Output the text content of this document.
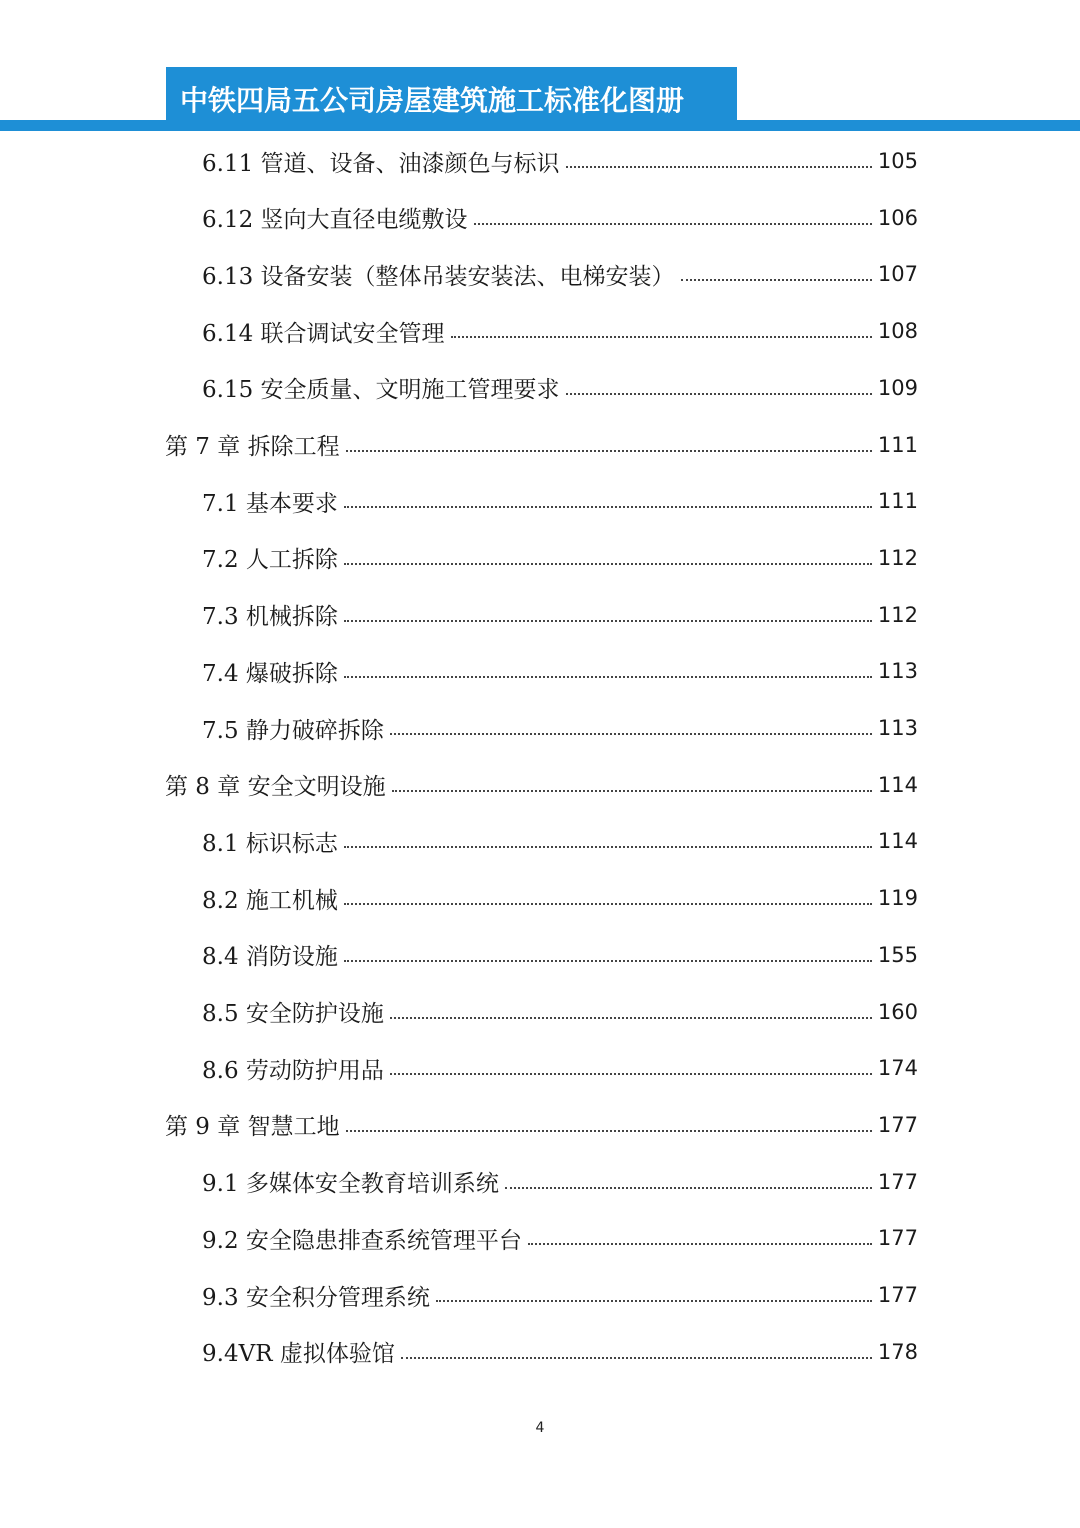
中铁四局五公司房屋建筑施工标准化图册
6.11 管道、设备、油漆颜色与标识	105
6.12 竖向大直径电缆敷设	106
6.13 设备安装（整体吊装安装法、电梯安装）	107
6.14 联合调试安全管理	108
6.15 安全质量、文明施工管理要求	109
第 7 章 拆除工程	111
7.1 基本要求	111
7.2 人工拆除	112
7.3 机械拆除	112
7.4 爆破拆除	113
7.5 静力破碎拆除	113
第 8 章 安全文明设施	114
8.1 标识标志	114
8.2 施工机械	119
8.4 消防设施	155
8.5 安全防护设施	160
8.6 劳动防护用品	174
第 9 章 智慧工地	177
9.1 多媒体安全教育培训系统	177
9.2 安全隐患排查系统管理平台	177
9.3 安全积分管理系统	177
9.4VR 虚拟体验馆	178
4
